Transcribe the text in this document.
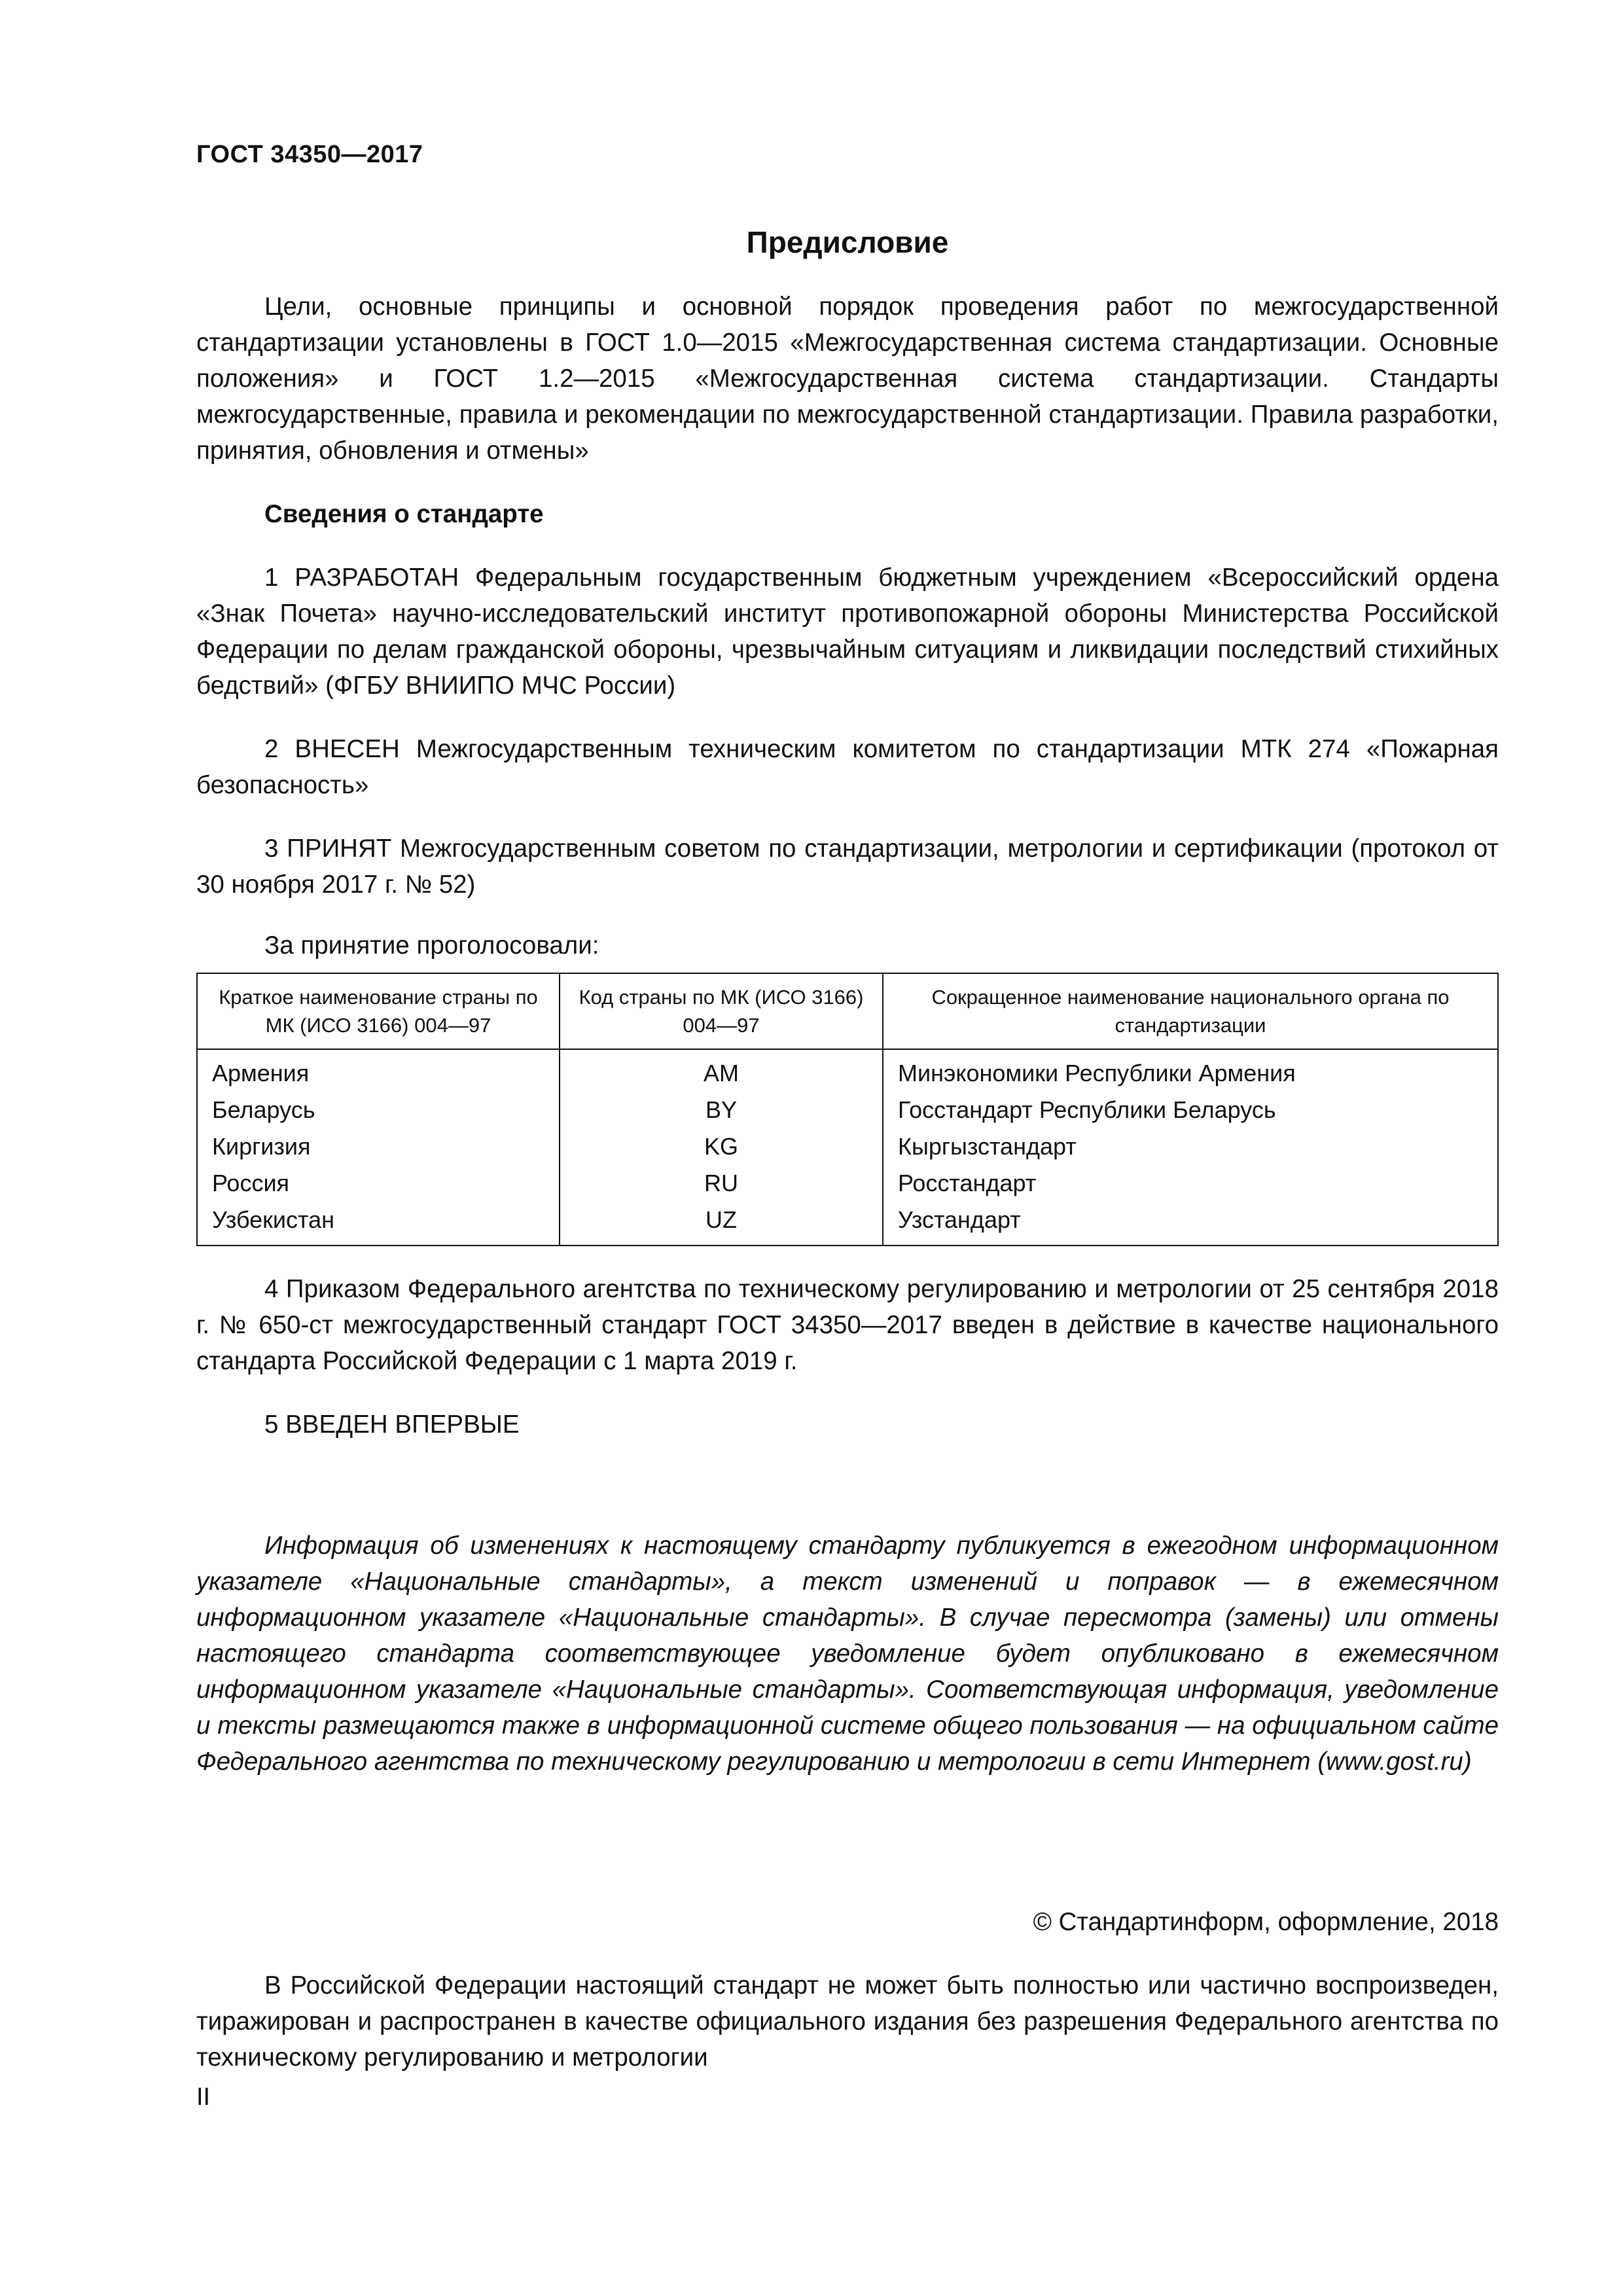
ГОСТ 34350—2017
Предисловие

Цели, основные принципы и основной порядок проведения работ по межгосударственной стандартизации установлены в ГОСТ 1.0—2015 «Межгосударственная система стандартизации. Основные положения» и ГОСТ 1.2—2015 «Межгосударственная система стандартизации. Стандарты межгосударственные, правила и рекомендации по межгосударственной стандартизации. Правила разработки, принятия, обновления и отмены»

Сведения о стандарте

1 РАЗРАБОТАН Федеральным государственным бюджетным учреждением «Всероссийский ордена «Знак Почета» научно-исследовательский институт противопожарной обороны Министерства Российской Федерации по делам гражданской обороны, чрезвычайным ситуациям и ликвидации последствий стихийных бедствий» (ФГБУ ВНИИПО МЧС России)

2 ВНЕСЕН Межгосударственным техническим комитетом по стандартизации МТК 274 «Пожарная безопасность»

3 ПРИНЯТ Межгосударственным советом по стандартизации, метрологии и сертификации (протокол от 30 ноября 2017 г. № 52)

За принятие проголосовали:

Краткое наименование страны по МК (ИСО 3166) 004—97	Код страны по МК (ИСО 3166) 004—97	Сокращенное наименование национального органа по стандартизации
Армения	AM	Минэкономики Республики Армения
Беларусь	BY	Госстандарт Республики Беларусь
Киргизия	KG	Кыргызстандарт
Россия	RU	Росстандарт
Узбекистан	UZ	Узстандарт

4 Приказом Федерального агентства по техническому регулированию и метрологии от 25 сентября 2018 г. № 650-ст межгосударственный стандарт ГОСТ 34350—2017 введен в действие в качестве национального стандарта Российской Федерации с 1 марта 2019 г.

5 ВВЕДЕН ВПЕРВЫЕ

Информация об изменениях к настоящему стандарту публикуется в ежегодном информационном указателе «Национальные стандарты», а текст изменений и поправок — в ежемесячном информационном указателе «Национальные стандарты». В случае пересмотра (замены) или отмены настоящего стандарта соответствующее уведомление будет опубликовано в ежемесячном информационном указателе «Национальные стандарты». Соответствующая информация, уведомление и тексты размещаются также в информационной системе общего пользования — на официальном сайте Федерального агентства по техническому регулированию и метрологии в сети Интернет (www.gost.ru)

© Стандартинформ, оформление, 2018

В Российской Федерации настоящий стандарт не может быть полностью или частично воспроизведен, тиражирован и распространен в качестве официального издания без разрешения Федерального агентства по техническому регулированию и метрологии

II
